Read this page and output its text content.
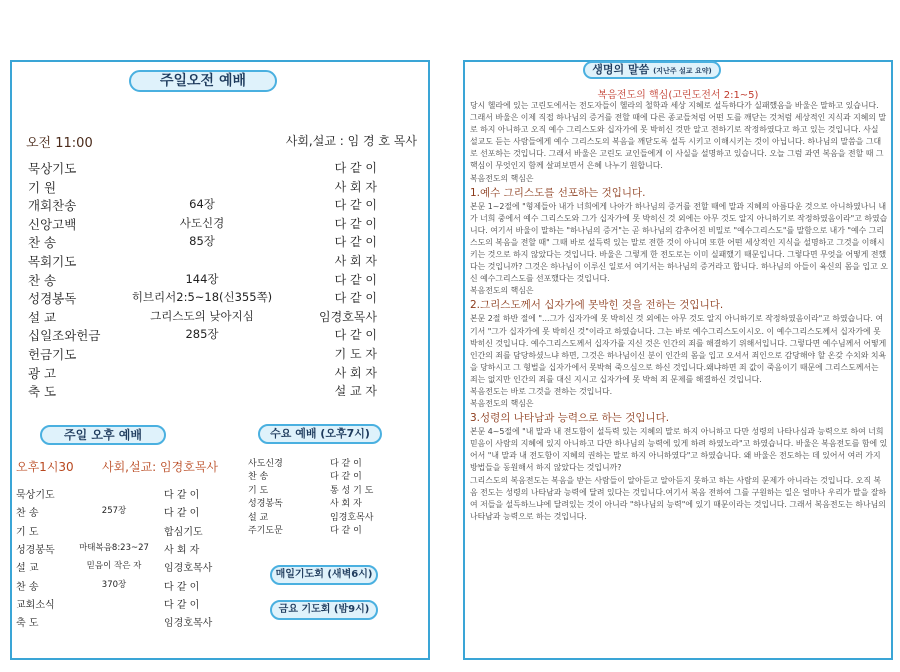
주일오전 예배
오전 11:00	사회,설교 : 임 경 호 목사
묵상기도	다 같 이
기 원	사 회 자
개회찬송	64장	다 같 이
신앙고백	사도신경	다 같 이
찬 송	85장	다 같 이
목회기도	사 회 자
찬 송	144장	다 같 이
성경봉독	히브리서2:5~18(신355쪽)	다 같 이
설 교	그리스도의 낮아지심	임경호목사
십일조와헌금	285장	다 같 이
헌금기도	기 도 자
광 고	사 회 자
축 도	설 교 자
주일 오후 예배
오후1시30 사회,설교: 임경호목사
묵상기도	다 같 이
찬 송	257장	다 같 이
기 도	합심기도
성경봉독	마태복음8:23~27	사 회 자
설 교	믿음이 작은 자	임경호목사
찬 송	370장	다 같 이
교회소식	다 같 이
축 도	임경호목사
수요 예배 (오후7시)
사도신경	다 같 이
찬 송	다 같 이
기 도	통 성 기 도
성경봉독	사 회 자
설 교	임경호목사
주기도문	다 같 이
매일기도회 (새벽6시)
금요 기도회 (밤9시)
생명의 말씀 (지난주 설교 요약)
복음전도의 핵심(고린도전서 2:1~5)

당시 헬라에 있는 고린도에서는 전도자들이 헬라의 철학과 세상 지혜로 설득하다가 실패했음을 바울은 말하고 있습니다. 그래서 바울은 이제 직접 하나님의 증거를 전할 때에 다른 종교들처럼 어떤 도를 깨닫는 것처럼 세상적인 지식과 지혜의 말로 하지 아니하고 오직 예수 그리스도와 십자가에 못 박히신 것만 알고 전하기로 작정하였다고 하고 있는 것입니다. 사실 설교도 듣는 사람들에게 예수 그리스도의 복음을 깨닫도록 설득 시키고 이해시키는 것이 아닙니다. 하나님의 말씀을 그대로 선포하는 것입니다. 그래서 바울은 고린도 교인들에게 이 사실을 설명하고 있습니다. 오늘 그럼 과연 복음을 전할 때 그 핵심이 무엇인지 함께 살펴보면서 은혜 나누기 원합니다.

복음전도의 핵심은

1.예수 그리스도를 선포하는 것입니다.

본문 1~2절에 "형제들아 내가 너희에게 나아가 하나님의 증거를 전할 때에 말과 지혜의 아름다운 것으로 아니하였나니 내가 너희 중에서 예수 그리스도와 그가 십자가에 못 박히신 것 외에는 아무 것도 알지 아니하기로 작정하였음이라"고 하였습니다. 여기서 바울이 말하는 "하나님의 증거"는 곧 하나님의 감추어진 비밀로 "예수그리스도"를 말함으로 내가 "예수 그리스도의 복음을 전할 때" 그때 바로 설득력 있는 말로 전한 것이 아니며 또한 어떤 세상적인 지식을 설명하고 그것을 이해시키는 것으로 하지 않았다는 것입니다. 바울은 그렇게 한 전도로는 이미 실패했기 때문입니다. 그렇다면 무엇을 어떻게 전했다는 것입니까? 그것은 하나님이 이루신 일로서 여기서는 하나님의 증거라고 합니다. 하나님의 아들이 육신의 몸을 입고 오신 예수그리스도를 선포했다는 것입니다.

복음전도의 핵심은

2.그리스도께서 십자가에 못박힌 것을 전하는 것입니다.

본문 2절 하반 절에 "...그가 십자가에 못 박히신 것 외에는 아무 것도 알지 아니하기로 작정하였음이라"고 하였습니다. 여기서 "그가 십자가에 못 박히신 것"이라고 하였습니다. 그는 바로 예수그리스도이시오. 이 예수그리스도께서 십자가에 못박히신 것입니다. 예수그리스도께서 십자가를 지신 것은 인간의 죄를 해결하기 위해서입니다. 그렇다면 예수님께서 어떻게 인간의 죄를 담당하셨느냐 하면, 그것은 하나님이신 분이 인간의 몸을 입고 오셔서 죄인으로 감당해야 할 온갖 수치와 치욕을 당하시고 그 형벌을 십자가에서 못박혀 죽으심으로 하신 것입니다.왜냐하면 죄 값이 죽음이기 때문에 그리스도께서는 죄는 없지만 인간의 죄를 대신 지시고 십자가에 못 박혀 죄 문제를 해결하신 것입니다.

복음전도는 바로 그것을 전하는 것입니다.

복음전도의 핵심은

3.성령의 나타남과 능력으로 하는 것입니다.

본문 4~5절에 "내 말과 내 전도함이 설득력 있는 지혜의 말로 하지 아니하고 다만 성령의 나타나심과 능력으로 하여 너희 믿음이 사람의 지혜에 있지 아니하고 다만 하나님의 능력에 있게 하려 하였노라"고 하였습니다. 바울은 복음전도를 함에 있어서 "내 말과 내 전도함이 지혜의 권하는 말로 하지 아니하였다"고 하였습니다. 왜 바울은 전도하는 데 있어서 여러 가지 방법들을 동원해서 하지 않았다는 것입니까?

그리스도의 복음전도는 복음을 받는 사람들이 알아듣고 알아듣지 못하고 하는 사람의 문제가 아니라는 것입니다. 오직 복음 전도는 성령의 나타남과 능력에 달려 있다는 것입니다.여기서 복음 전하여 그를 구원하는 일은 얼마나 우리가 말을 잘하여 저들을 설득하느냐에 달려있는 것이 아니라 "하나님의 능력"에 있기 때문이라는 것입니다. 그래서 복음전도는 하나님의 나타남과 능력으로 하는 것입니다.
